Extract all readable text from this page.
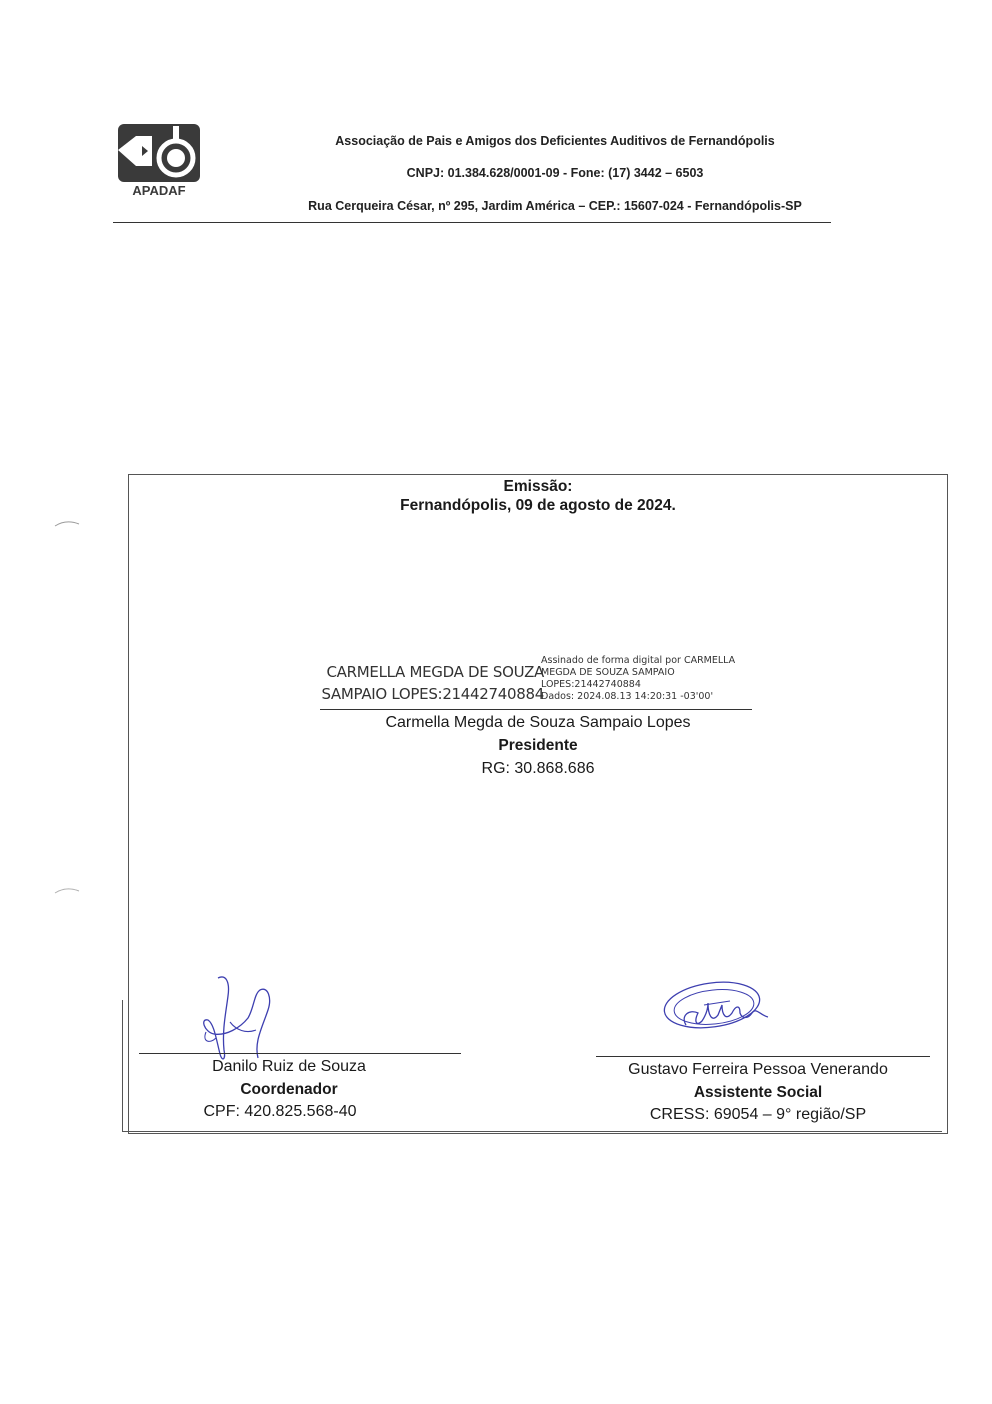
APADAF
Associação de Pais e Amigos dos Deficientes Auditivos de Fernandópolis
CNPJ: 01.384.628/0001-09 - Fone: (17) 3442 – 6503
Rua Cerqueira César, nº 295, Jardim América – CEP.: 15607-024 - Fernandópolis-SP
Emissão:
Fernandópolis, 09 de agosto de 2024.
CARMELLA MEGDA DE SOUZA
SAMPAIO LOPES:21442740884
Assinado de forma digital por CARMELLA
MEGDA DE SOUZA SAMPAIO
LOPES:21442740884
Dados: 2024.08.13 14:20:31 -03'00'
Carmella Megda de Souza Sampaio Lopes
Presidente
RG: 30.868.686
Danilo Ruiz de Souza
Coordenador
CPF: 420.825.568-40
Gustavo Ferreira Pessoa Venerando
Assistente Social
CRESS: 69054 – 9° região/SP
